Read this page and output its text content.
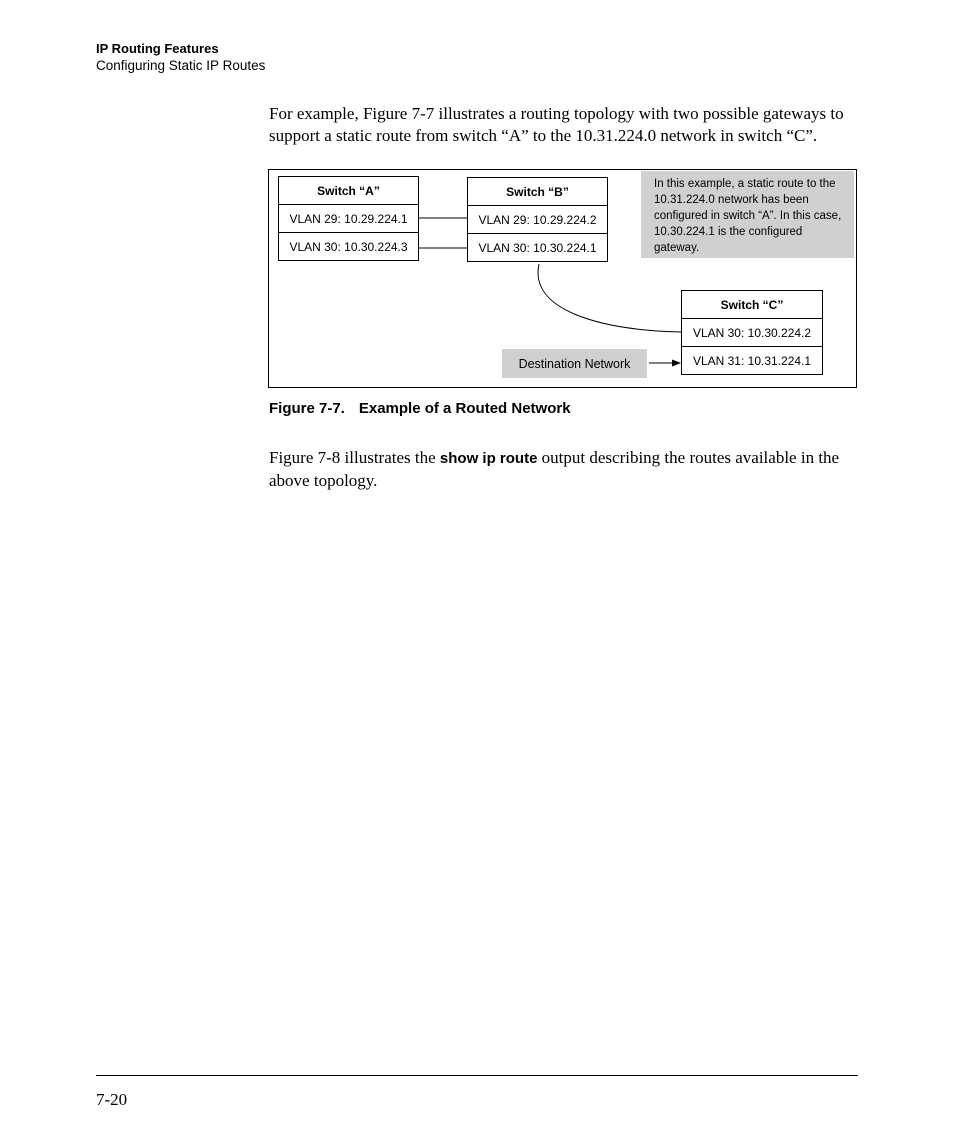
IP Routing Features
Configuring Static IP Routes
For example, Figure 7-7 illustrates a routing topology with two possible gateways to support a static route from switch “A” to the 10.31.224.0 network in switch “C”.
Switch “A”
VLAN 29: 10.29.224.1
VLAN 30: 10.30.224.3
Switch “B”
VLAN 29: 10.29.224.2
VLAN 30: 10.30.224.1
Switch “C”
VLAN 30: 10.30.224.2
VLAN 31: 10.31.224.1
In this example, a static route to the 10.31.224.0 network has been configured in switch “A”. In this case, 10.30.224.1 is the configured gateway.
Destination Network
Figure 7-7. Example of a Routed Network
Figure 7-8 illustrates the show ip route output describing the routes available in the above topology.
7-20
